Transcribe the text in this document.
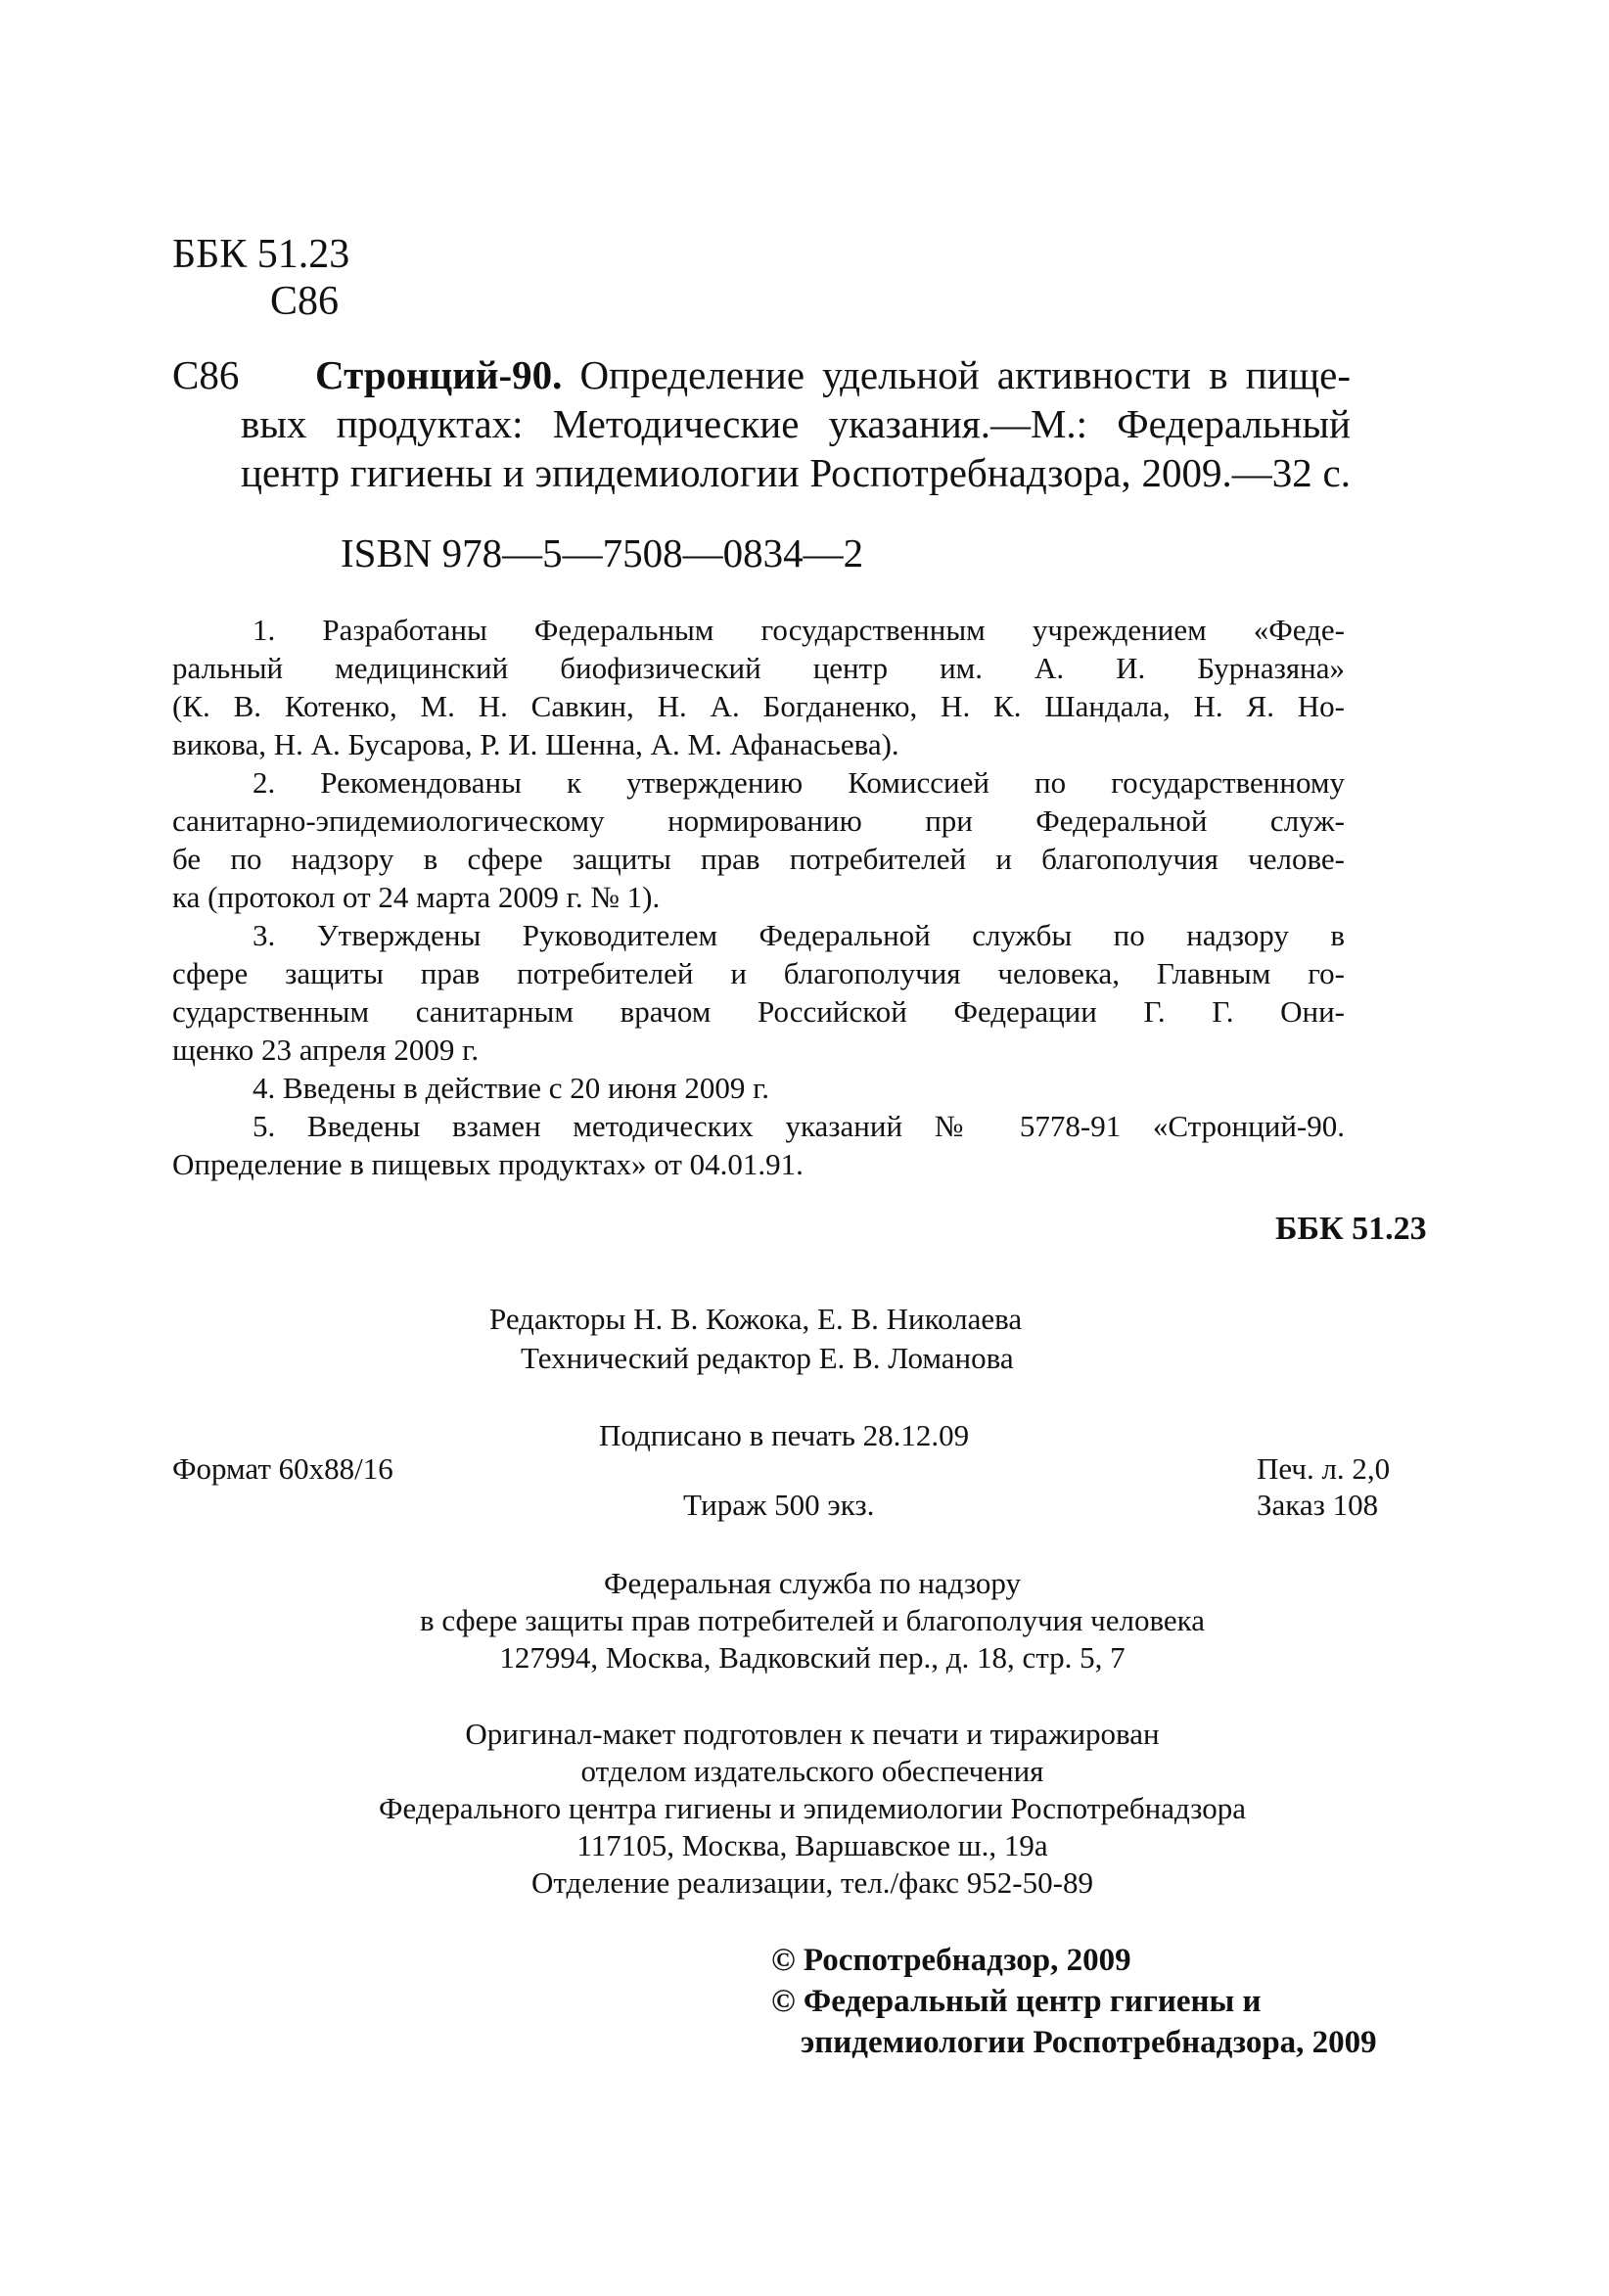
ББК 51.23
С86
С86 Стронций-90. Определение удельной активности в пище-
вых продуктах: Методические указания.—М.: Федеральный
центр гигиены и эпидемиологии Роспотребнадзора, 2009.—32 с.
ISBN 978—5—7508—0834—2
1. Разработаны Федеральным государственным учреждением «Феде-
ральный медицинский биофизический центр им. А. И. Бурназяна»
(К. В. Котенко, М. Н. Савкин, Н. А. Богданенко, Н. К. Шандала, Н. Я. Но-
викова, Н. А. Бусарова, Р. И. Шенна, А. М. Афанасьева).
2. Рекомендованы к утверждению Комиссией по государственному
санитарно-эпидемиологическому нормированию при Федеральной служ-
бе по надзору в сфере защиты прав потребителей и благополучия челове-
ка (протокол от 24 марта 2009 г. № 1).
3. Утверждены Руководителем Федеральной службы по надзору в
сфере защиты прав потребителей и благополучия человека, Главным го-
сударственным санитарным врачом Российской Федерации Г. Г. Они-
щенко 23 апреля 2009 г.
4. Введены в действие с 20 июня 2009 г.
5. Введены взамен методических указаний № 5778-91 «Стронций-90.
Определение в пищевых продуктах» от 04.01.91.
ББК 51.23
Редакторы Н. В. Кожока, Е. В. Николаева
Технический редактор Е. В. Ломанова
Подписано в печать 28.12.09
Формат 60х88/16	Печ. л. 2,0
Тираж 500 экз.	Заказ 108
Федеральная служба по надзору
в сфере защиты прав потребителей и благополучия человека
127994, Москва, Вадковский пер., д. 18, стр. 5, 7
Оригинал-макет подготовлен к печати и тиражирован
отделом издательского обеспечения
Федерального центра гигиены и эпидемиологии Роспотребнадзора
117105, Москва, Варшавское ш., 19а
Отделение реализации, тел./факс 952-50-89
© Роспотребнадзор, 2009
© Федеральный центр гигиены и
эпидемиологии Роспотребнадзора, 2009
